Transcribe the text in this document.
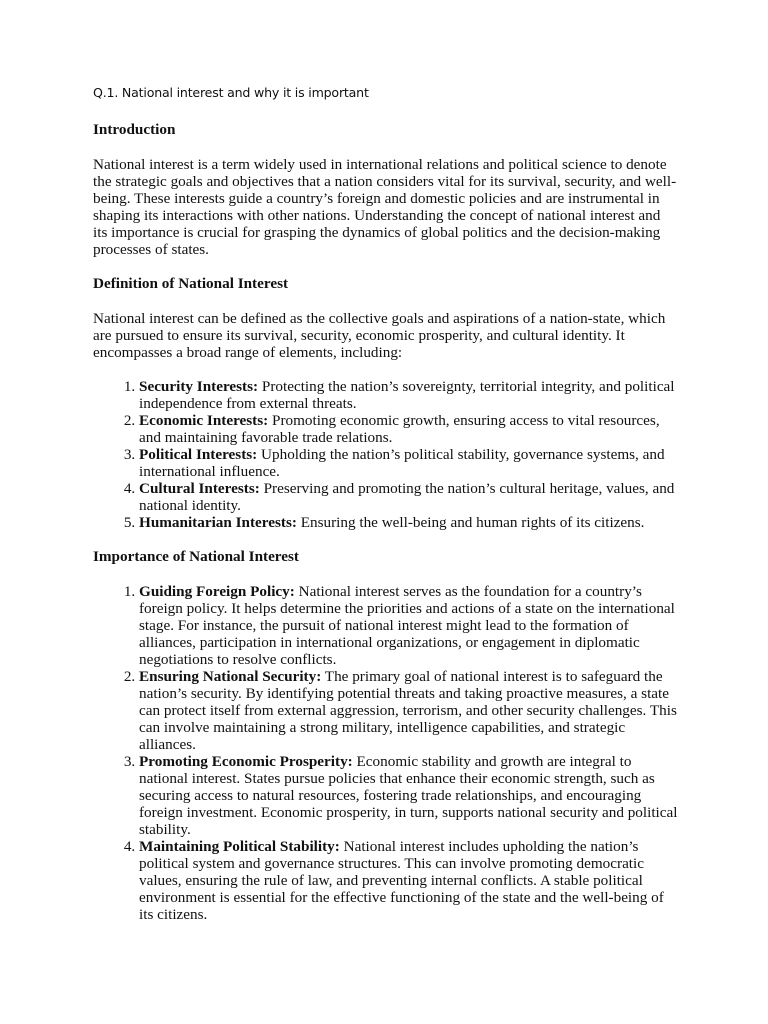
Q.1. National interest and why it is important
Introduction

National interest is a term widely used in international relations and political science to denote the strategic goals and objectives that a nation considers vital for its survival, security, and well-being. These interests guide a country’s foreign and domestic policies and are instrumental in shaping its interactions with other nations. Understanding the concept of national interest and its importance is crucial for grasping the dynamics of global politics and the decision-making processes of states.

Definition of National Interest

National interest can be defined as the collective goals and aspirations of a nation-state, which are pursued to ensure its survival, security, economic prosperity, and cultural identity. It encompasses a broad range of elements, including:

1. Security Interests: Protecting the nation’s sovereignty, territorial integrity, and political independence from external threats.
2. Economic Interests: Promoting economic growth, ensuring access to vital resources, and maintaining favorable trade relations.
3. Political Interests: Upholding the nation’s political stability, governance systems, and international influence.
4. Cultural Interests: Preserving and promoting the nation’s cultural heritage, values, and national identity.
5. Humanitarian Interests: Ensuring the well-being and human rights of its citizens.
Importance of National Interest
1. Guiding Foreign Policy: National interest serves as the foundation for a country’s foreign policy. It helps determine the priorities and actions of a state on the international stage. For instance, the pursuit of national interest might lead to the formation of alliances, participation in international organizations, or engagement in diplomatic negotiations to resolve conflicts.
2. Ensuring National Security: The primary goal of national interest is to safeguard the nation’s security. By identifying potential threats and taking proactive measures, a state can protect itself from external aggression, terrorism, and other security challenges. This can involve maintaining a strong military, intelligence capabilities, and strategic alliances.
3. Promoting Economic Prosperity: Economic stability and growth are integral to national interest. States pursue policies that enhance their economic strength, such as securing access to natural resources, fostering trade relationships, and encouraging foreign investment. Economic prosperity, in turn, supports national security and political stability.
4. Maintaining Political Stability: National interest includes upholding the nation’s political system and governance structures. This can involve promoting democratic values, ensuring the rule of law, and preventing internal conflicts. A stable political environment is essential for the effective functioning of the state and the well-being of its citizens.
